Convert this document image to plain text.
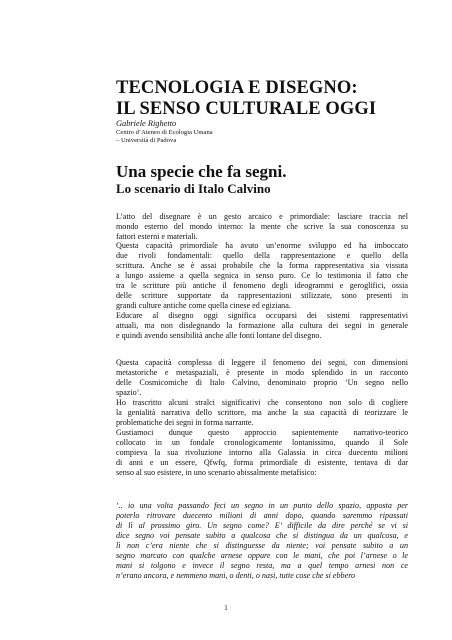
TECNOLOGIA E DISEGNO:
IL SENSO CULTURALE OGGI
Gabriele Righetto
Centro d’Ateneo di Ecologia Umana
– Università di Padova
Una specie che fa segni.
Lo scenario di Italo Calvino
L’atto del disegnare è un gesto arcaico e primordiale: lasciare traccia nel
mondo esterno del mondo interno: la mente che scrive la sua conoscenza su
fattori esterni e materiali.
Questa capacità primordiale ha avuto un’enorme sviluppo ed ha imboccato
due rivoli fondamentali: quello della rappresentazione e quello della
scrittura. Anche se è assai probabile che la forma rappresentativa sia vissuta
a lungo assieme a quella segnica in senso puro. Ce lo testimonia il fatto che
tra le scritture più antiche il fenomeno degli ideogrammi e geroglifici, ossia
delle scritture supportate da rappresentazioni stilizzate, sono presenti in
grandi culture antiche come quella cinese ed egiziana.
Educare al disegno oggi significa occuparsi dei sistemi rappresentativi
attuali, ma non disdegnando la formazione alla cultura dei segni in generale
e quindi avendo sensibilità anche alle fonti lontane del disegno.
Questa capacità complessa di leggere il fenomeno dei segni, con dimensioni
metastoriche e metaspaziali, è presente in modo splendido in un racconto
delle Cosmicomiche di Italo Calvino, denominato proprio ‘Un segno nello
spazio’.
Ho trascritto alcuni stralci significativi che consentono non solo di cogliere
la genialità narrativa dello scrittore, ma anche la sua capacità di teorizzare le
problematiche dei segni in forma narrante.
Gustiamoci dunque questo approccio sapientemente narrativo-teorico
collocato in un fondale cronologicamente lontanissimo, quando il Sole
compieva la sua rivoluzione intorno alla Galassia in circa duecento milioni
di anni e un essere, Qfwfq, forma primordiale di esistente, tentava di dar
senso al suo esistere, in uno scenario abissalmente metafisico:
‘.. io una volta passando feci un segno in un punto dello spazio, apposta per
poterlo ritrovare duecento milioni di anni dopo, quando saremmo ripassati
di lì al prossimo giro. Un segno come? E’ difficile da dire perché se vi si
dice segno voi pensate subito a qualcosa che si distingua da un qualcosa, e
lì non c’era niente che si distinguesse da niente; voi pensate subito a un
segno marcato con qualche arnese oppure con le mani, che poi l’arnese o le
mani si tolgono e invece il segno resta, ma a quel tempo arnesi non ce
n’erano ancora, e nemmeno mani, o denti, o nasi, tutte cose che si ebbero
1
